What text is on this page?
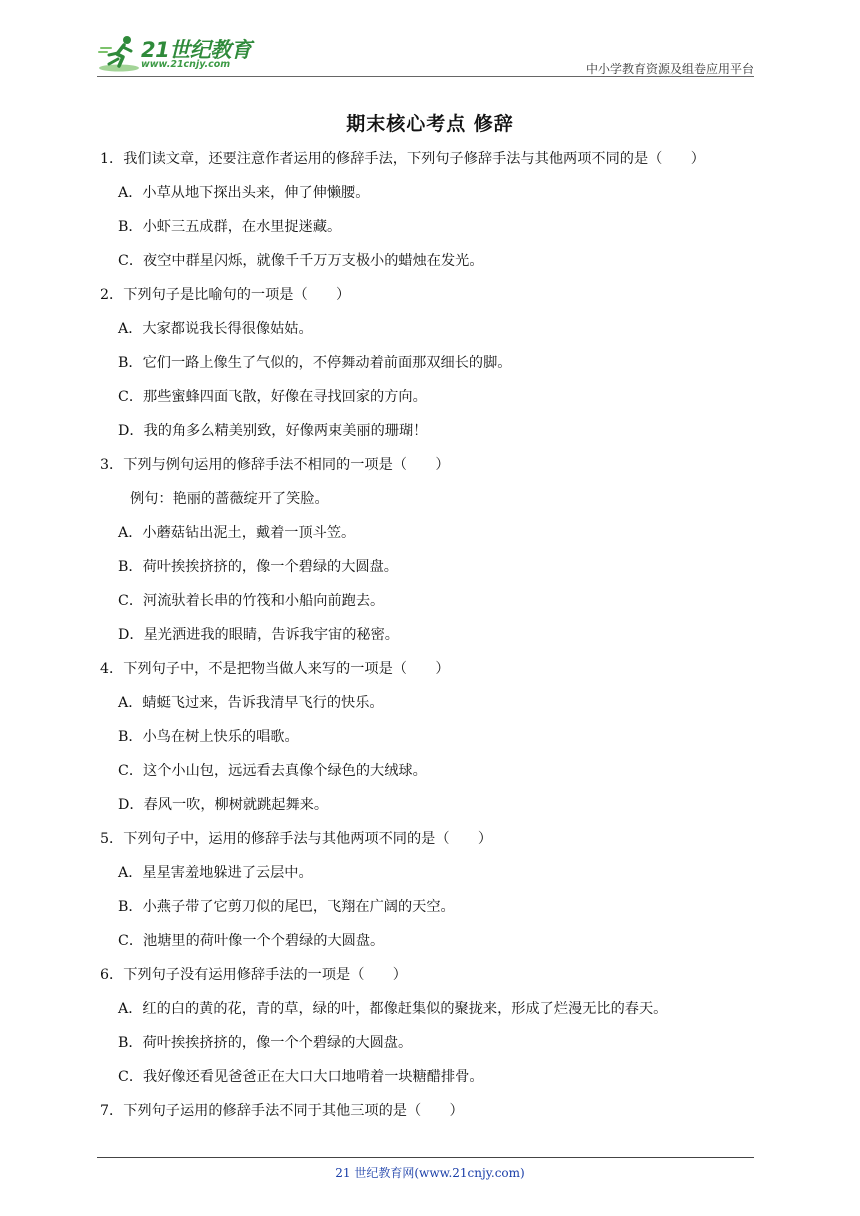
21世纪教育
www.21cnjy.com	中小学教育资源及组卷应用平台
期末核心考点 修辞
1．我们读文章，还要注意作者运用的修辞手法，下列句子修辞手法与其他两项不同的是（　　）
A．小草从地下探出头来，伸了伸懒腰。
B．小虾三五成群，在水里捉迷藏。
C．夜空中群星闪烁，就像千千万万支极小的蜡烛在发光。
2．下列句子是比喻句的一项是（　　）
A．大家都说我长得很像姑姑。
B．它们一路上像生了气似的，不停舞动着前面那双细长的脚。
C．那些蜜蜂四面飞散，好像在寻找回家的方向。
D．我的角多么精美别致，好像两束美丽的珊瑚！
3．下列与例句运用的修辞手法不相同的一项是（　　）
例句：艳丽的蔷薇绽开了笑脸。
A．小蘑菇钻出泥土，戴着一顶斗笠。
B．荷叶挨挨挤挤的，像一个碧绿的大圆盘。
C．河流驮着长串的竹筏和小船向前跑去。
D．星光洒进我的眼睛，告诉我宇宙的秘密。
4．下列句子中，不是把物当做人来写的一项是（　　）
A．蜻蜓飞过来，告诉我清早飞行的快乐。
B．小鸟在树上快乐的唱歌。
C．这个小山包，远远看去真像个绿色的大绒球。
D．春风一吹，柳树就跳起舞来。
5．下列句子中，运用的修辞手法与其他两项不同的是（　　）
A．星星害羞地躲进了云层中。
B．小燕子带了它剪刀似的尾巴，飞翔在广阔的天空。
C．池塘里的荷叶像一个个碧绿的大圆盘。
6．下列句子没有运用修辞手法的一项是（　　）
A．红的白的黄的花，青的草，绿的叶，都像赶集似的聚拢来，形成了烂漫无比的春天。
B．荷叶挨挨挤挤的，像一个个碧绿的大圆盘。
C．我好像还看见爸爸正在大口大口地啃着一块糖醋排骨。
7．下列句子运用的修辞手法不同于其他三项的是（　　）
21 世纪教育网(www.21cnjy.com)
